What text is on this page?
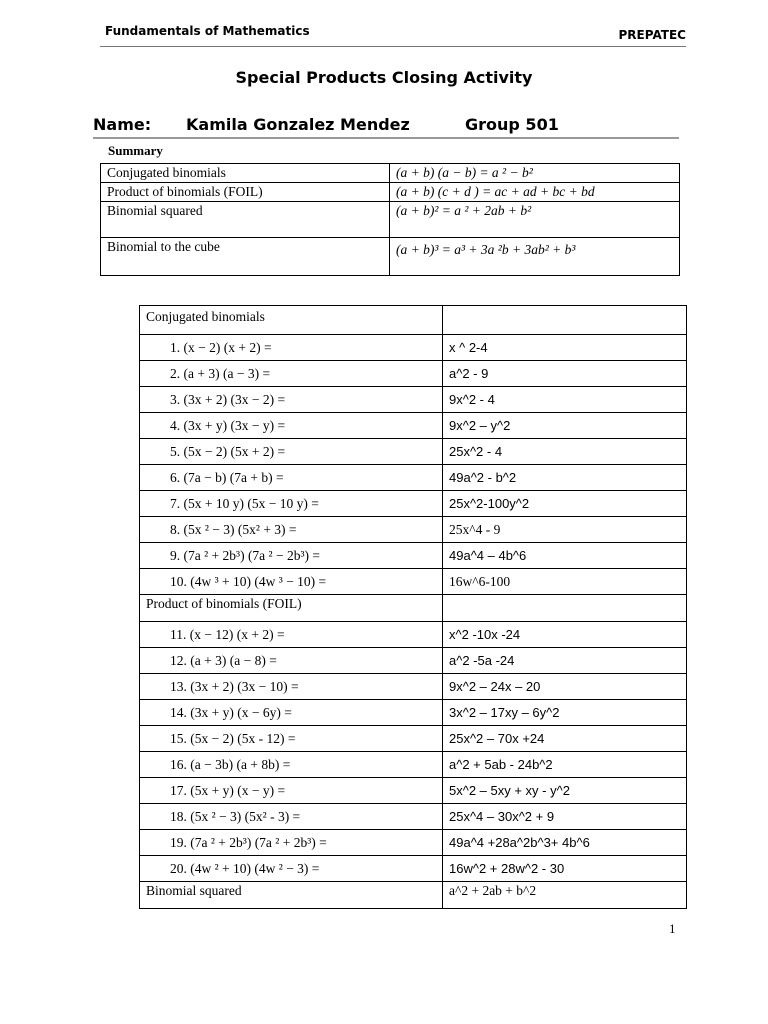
Fundamentals of Mathematics	PREPATEC
Special Products Closing Activity
Name: Kamila Gonzalez Mendez	Group 501
Summary
Conjugated binomials	(a + b) (a − b) = a ² − b²
Product of binomials (FOIL)	(a + b) (c + d ) = ac + ad + bc + bd
Binomial squared	(a + b)² = a ² + 2ab + b²
Binomial to the cube	(a + b)³ = a³ + 3a ²b + 3ab² + b³
Conjugated binomials	
1. (x − 2) (x + 2) =	x ^ 2-4
2. (a + 3) (a − 3) =	a^2 - 9
3. (3x + 2) (3x − 2) =	9x^2 - 4
4. (3x + y) (3x − y) =	9x^2 – y^2
5. (5x − 2) (5x + 2) =	25x^2 - 4
6. (7a − b) (7a + b) =	49a^2 - b^2
7. (5x + 10 y) (5x − 10 y) =	25x^2-100y^2
8. (5x ² − 3) (5x² + 3) =	25x^4 - 9
9. (7a ² + 2b³) (7a ² − 2b³) =	49a^4 – 4b^6
10. (4w ³ + 10) (4w ³ − 10) =	16w^6-100
Product of binomials (FOIL)	
11. (x − 12) (x + 2) =	x^2 -10x -24
12. (a + 3) (a − 8) =	a^2 -5a -24
13. (3x + 2) (3x − 10) =	9x^2 – 24x – 20
14. (3x + y) (x − 6y) =	3x^2 – 17xy – 6y^2
15. (5x − 2) (5x - 12) =	25x^2 – 70x +24
16. (a − 3b) (a + 8b) =	a^2 + 5ab - 24b^2
17. (5x + y) (x − y) =	5x^2 – 5xy + xy - y^2
18. (5x ² − 3) (5x² - 3) =	25x^4 – 30x^2 + 9
19. (7a ² + 2b³) (7a ² + 2b³) =	49a^4 +28a^2b^3+ 4b^6
20. (4w ² + 10) (4w ² − 3) =	16w^2 + 28w^2 - 30
Binomial squared	a^2 + 2ab + b^2
1
